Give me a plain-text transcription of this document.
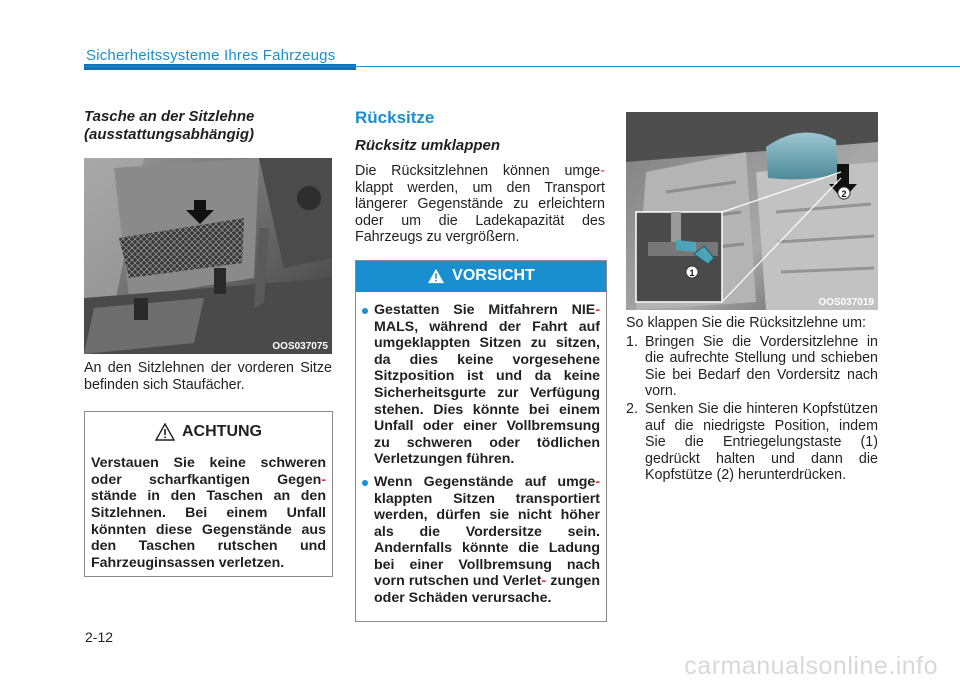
Sicherheitssysteme Ihres Fahrzeugs

Tasche an der Sitzlehne (ausstattungsabhängig)

OOS037075

An den Sitzlehnen der vorderen Sitze befinden sich Staufächer.

ACHTUNG
Verstauen Sie keine schweren oder scharfkantigen Gegen- stände in den Taschen an den Sitzlehnen. Bei einem Unfall könnten diese Gegenstände aus den Taschen rutschen und Fahrzeuginsassen verletzen.

Rücksitze

Rücksitz umklappen

Die Rücksitzlehnen können umge- klappt werden, um den Transport längerer Gegenstände zu erleichtern oder um die Ladekapazität des Fahrzeugs zu vergrößern.

VORSICHT
Gestatten Sie Mitfahrern NIE- MALS, während der Fahrt auf umgeklappten Sitzen zu sitzen, da dies keine vorgesehene Sitzposition ist und da keine Sicherheitsgurte zur Verfügung stehen. Dies könnte bei einem Unfall oder einer Vollbremsung zu schweren oder tödlichen Verletzungen führen.
Wenn Gegenstände auf umge- klappten Sitzen transportiert werden, dürfen sie nicht höher als die Vordersitze sein. Andernfalls könnte die Ladung bei einer Vollbremsung nach vorn rutschen und Verlet- zungen oder Schäden verursache.
2
1
OOS037019

So klappen Sie die Rücksitzlehne um:

1. Bringen Sie die Vordersitzlehne in die aufrechte Stellung und schieben Sie bei Bedarf den Vordersitz nach vorn.
2. Senken Sie die hinteren Kopfstützen auf die niedrigste Position, indem Sie die Entriegelungstaste (1) gedrückt halten und dann die Kopfstütze (2) herunterdrücken.
2-12
carmanualsonline.info
